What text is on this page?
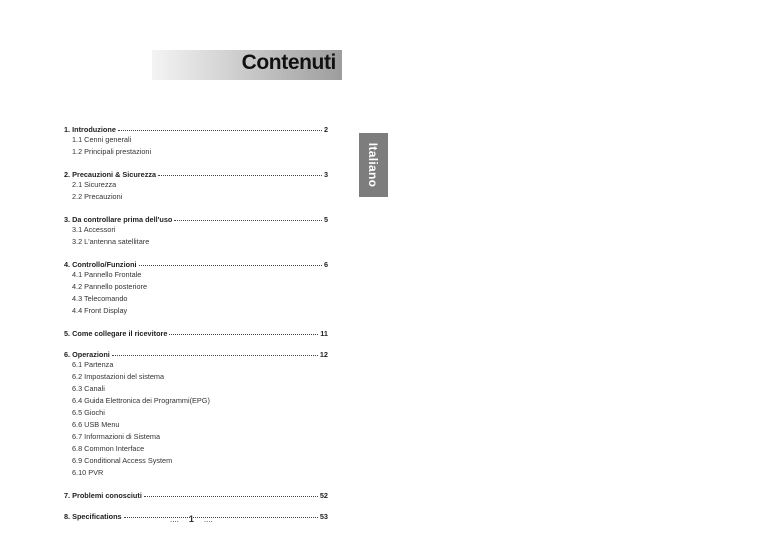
Contenuti
Italiano
1. Introduzione	2
1.1 Cenni generali
1.2 Principali prestazioni
2. Precauzioni & Sicurezza	3
2.1 Sicurezza
2.2 Precauzioni
3. Da controllare prima dell'uso	5
3.1 Accessori
3.2 L'antenna satellitare
4. Controllo/Funzioni	6
4.1 Pannello Frontale
4.2 Pannello posteriore
4.3 Telecomando
4.4 Front Display
5. Come collegare il ricevitore	11
6. Operazioni	12
6.1 Partenza
6.2 Impostazioni del sistema
6.3 Canali
6.4 Guida Elettronica dei Programmi(EPG)
6.5 Giochi
6.6 USB Menu
6.7 Informazioni di Sistema
6.8 Common Interface
6.9 Conditional Access System
6.10 PVR
7. Problemi conosciuti	52
8. Specifications	53
.... 1 ....
